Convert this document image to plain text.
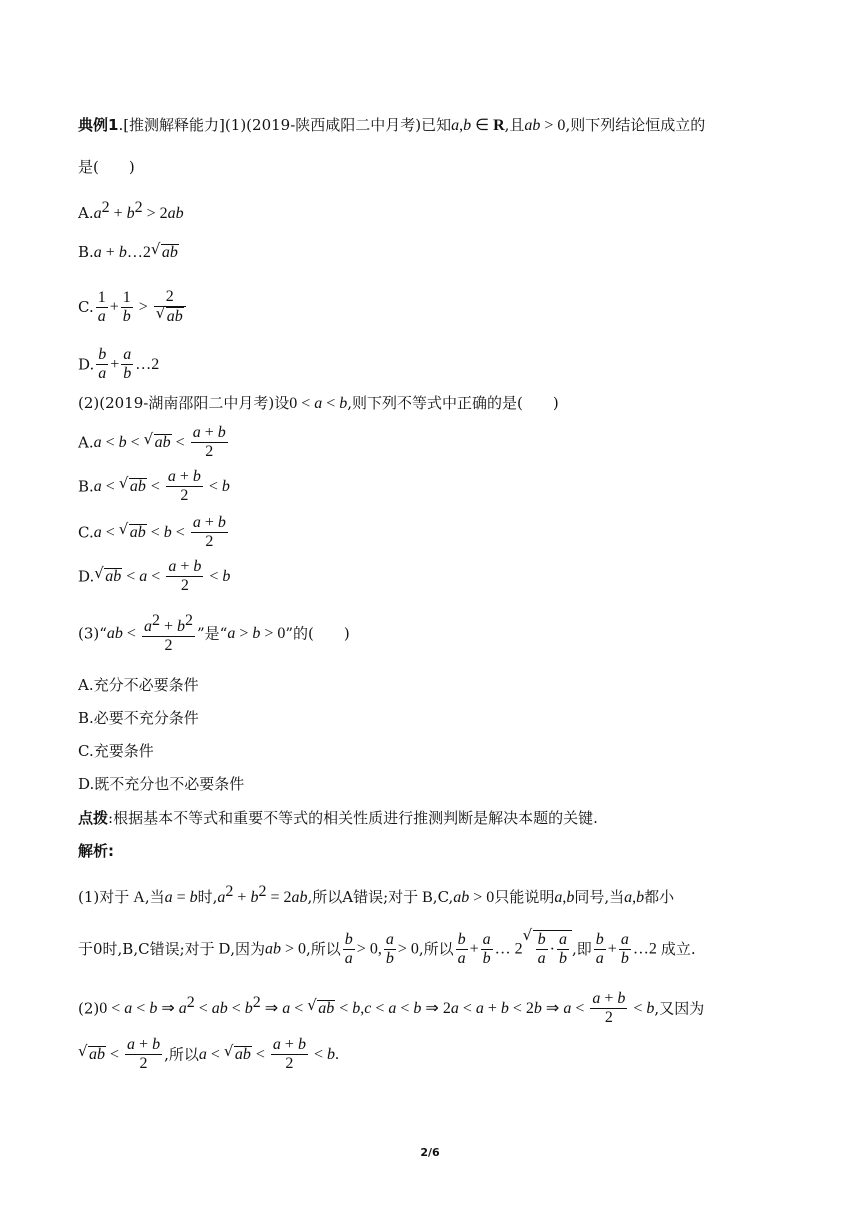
典例1.[推测解释能力](1)(2019-陕西咸阳二中月考)已知a,b ∈ R,且ab > 0,则下列结论恒成立的
是(　　)
$A.a^2 + b^2 > 2ab$
B.a + b…2 √ ab
C. $\frac{1}{a} + \frac{1}{b} > 2$
√ ab
D. $\frac{b}{a} + \frac{a}{b}$ …2
(2)(2019-湖南邵阳二中月考)设0 < a < b,则下列不等式中正确的是(　　)
A.a < b < √ ab < $\frac{a + b}{2}$
B.a < √ ab < $\frac{a + b}{2} < b$
C.a < √ ab < $b < \frac{a + b}{2}$
D. √ ab < $a < \frac{a + b}{2} < b$
(3)“ab < $\frac{a^2 + b^2}{2}$ ”是“a > b > 0”的(　　)
A.充分不必要条件
B.必要不充分条件
C.充要条件
D.既不充分也不必要条件
点拨:根据基本不等式和重要不等式的相关性质进行推测判断是解决本题的关键.
解析:
(1)对于 A,当a = b时$,a^2 + b^2 = 2ab$,所以A错误;对于 B,C,ab > 0只能说明a,b同号,当a,b都小
于0时,B,C错误;对于 D,因为ab > 0,所以 $\frac{b}{a} > 0$, $\frac{a}{b} > 0$,所以 $\frac{b}{a} + \frac{a}{b}$ … 2 √ $\frac{b}{a} \cdot \frac{a}{b}$ ,即 $\frac{b}{a} + \frac{a}{b}$ …2 成立.
(2)0 < a < b ⇒ $a^2$ < ab < $b^2$ ⇒ a < √ ab < b,c < a < b ⇒ 2a < a + b < 2b ⇒ $a < \frac{a + b}{2} < b$,又因为
√ ab < $\frac{a + b}{2}$ ,所以a < √ ab < $\frac{a + b}{2} < b$.
2/6
